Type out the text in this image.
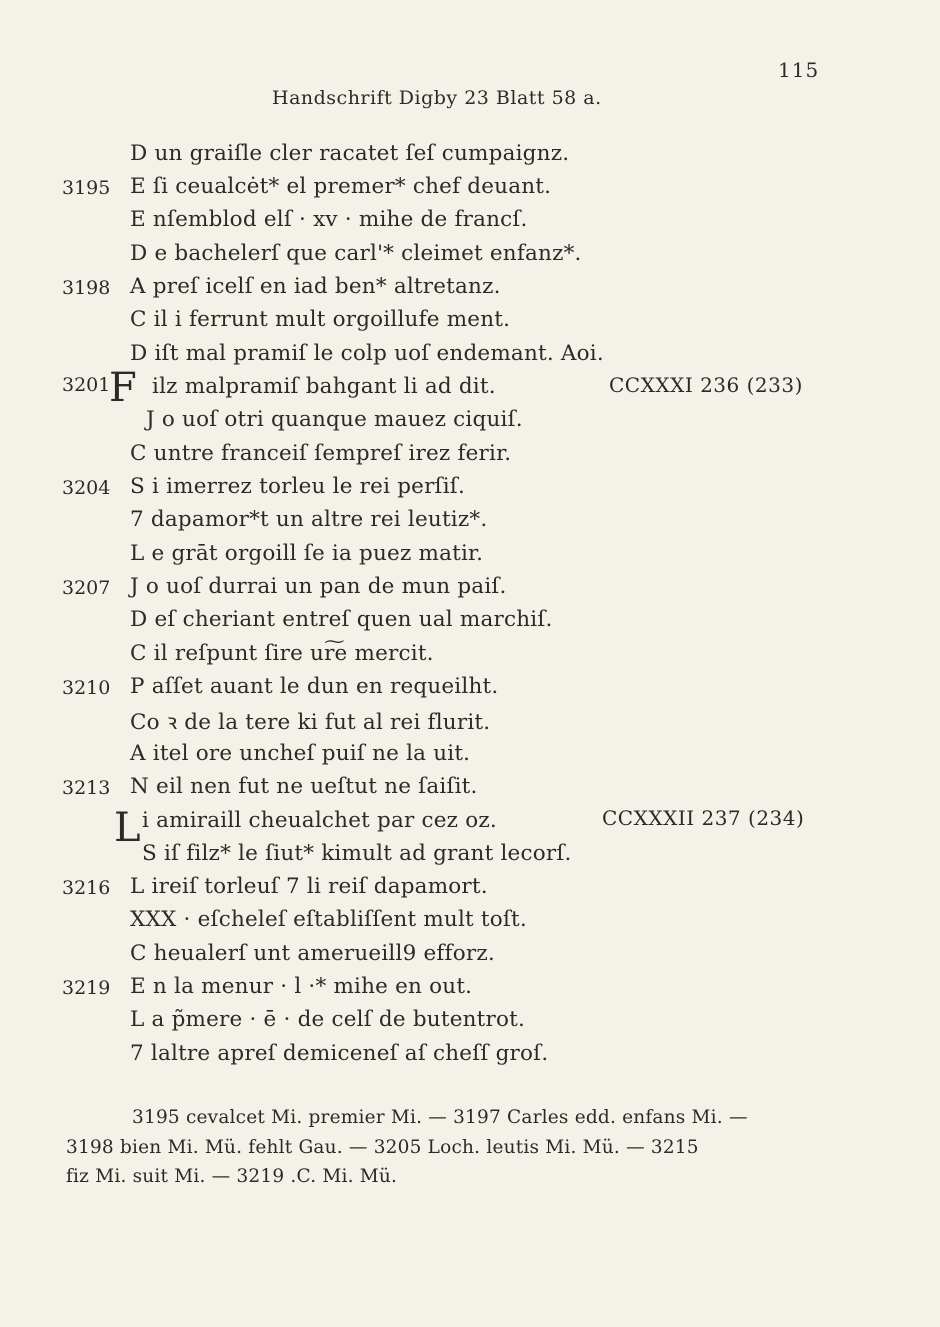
115
Handschrift Digby 23 Blatt 58 a.
3195
3198
3201
3204
3207
3210
3213
3216
3219
D un graiſle cler racatet ſeſ cumpaignz.
E ſi ceualcėt* el premer* chef deuant.
E nſemblod elſ · xv · mihe de francſ.
D e bachelerſ que carl'* cleimet enfanz*.
A preſ icelſ en iad ben* altretanz.
C il i ferrunt mult orgoillufe ment.
D iſt mal pramiſ le colp uoſ endemant. Aoi.
F ilz malpramiſ bahgant li ad dit.	CCXXXI 236 (233)
J o uoſ otri quanque mauez ciquiſ.
C untre franceiſ ſempreſ irez ferir.
S i imerrez torleu le rei perſiſ.
7 dapamor*t un altre rei leutiz*.
L e grāt orgoill ſe ia puez matir.
J o uoſ durrai un pan de mun paiſ.
D eſ cheriant entreſ quen ual marchiſ.
C il reſpunt ſire ur͠e mercit.
P aſſet auant le dun en requeilht.
Co ꝛ de la tere ki fut al rei flurit.
A itel ore uncheſ puiſ ne la uit.
N eil nen fut ne ueſtut ne ſaiſit.
L i amiraill cheualchet par cez oz.	CCXXXII 237 (234)
S iſ filz* le ſiut* kimult ad grant lecorſ.
L ireiſ torleuſ 7 li reiſ dapamort.
XXX · eſcheleſ eſtabliſſent mult toſt.
C heualerſ unt amerueill9 efforz.
E n la menur · l ·* mihe en out.
L a p̃mere · ē · de celſ de butentrot.
7 laltre apreſ demiceneſ aſ cheſſ groſ.
3195 cevalcet Mi. premier Mi. — 3197 Carles edd. enfans Mi. —
3198 bien Mi. Mü. fehlt Gau. — 3205 Loch. leutis Mi. Mü. — 3215
fiz Mi. suit Mi. — 3219 .C. Mi. Mü.
